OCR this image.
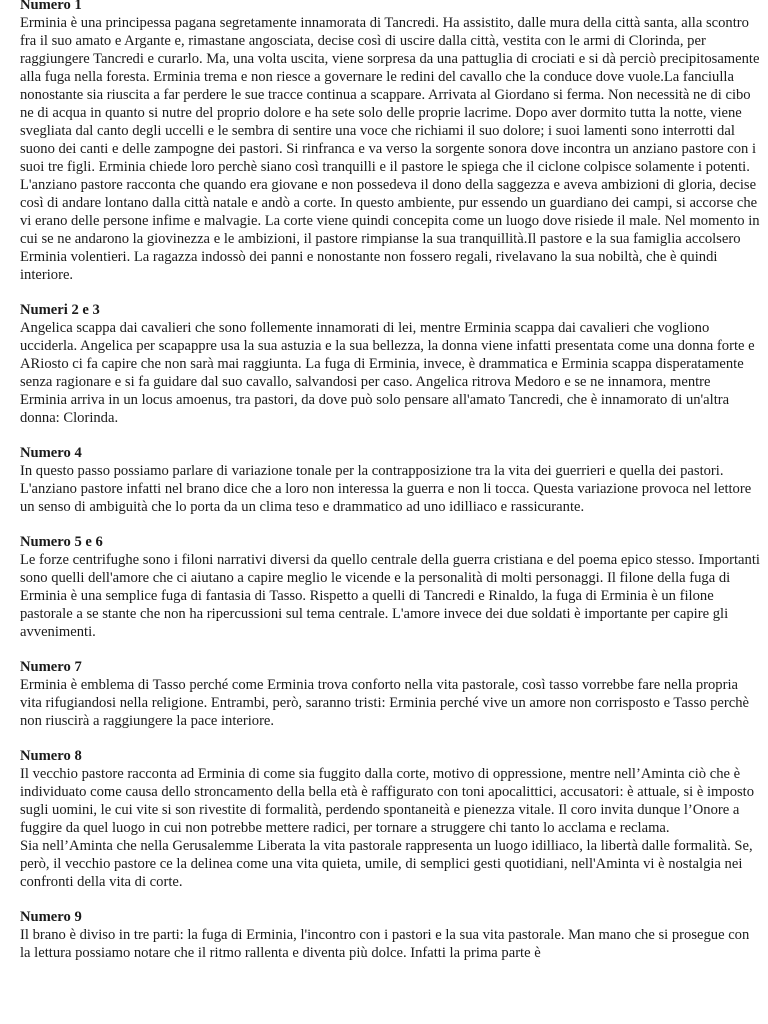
Numero 1

Erminia è una principessa pagana segretamente innamorata di Tancredi. Ha assistito, dalle mura della città santa, alla scontro fra il suo amato e Argante e, rimastane angosciata, decise così di uscire dalla città, vestita con le armi di Clorinda, per raggiungere Tancredi e curarlo. Ma, una volta uscita, viene sorpresa da una pattuglia di crociati e si dà perciò precipitosamente alla fuga nella foresta. Erminia trema e non riesce a governare le redini del cavallo che la conduce dove vuole.La fanciulla nonostante sia riuscita a far perdere le sue tracce continua a scappare. Arrivata al Giordano si ferma. Non necessità ne di cibo ne di acqua in quanto si nutre del proprio dolore e ha sete solo delle proprie lacrime. Dopo aver dormito tutta la notte, viene svegliata dal canto degli uccelli e le sembra di sentire una voce che richiami il suo dolore; i suoi lamenti sono interrotti dal suono dei canti e delle zampogne dei pastori. Si rinfranca e va verso la sorgente sonora dove incontra un anziano pastore con i suoi tre figli. Erminia chiede loro perchè siano così tranquilli e il pastore le spiega che il ciclone colpisce solamente i potenti.

L'anziano pastore racconta che quando era giovane e non possedeva il dono della saggezza e aveva ambizioni di gloria, decise così di andare lontano dalla città natale e andò a corte. In questo ambiente, pur essendo un guardiano dei campi, si accorse che vi erano delle persone infime e malvagie. La corte viene quindi concepita come un luogo dove risiede il male. Nel momento in cui se ne andarono la giovinezza e le ambizioni, il pastore rimpianse la sua tranquillità.Il pastore e la sua famiglia accolsero Erminia volentieri. La ragazza indossò dei panni e nonostante non fossero regali, rivelavano la sua nobiltà, che è quindi interiore.

Numeri 2 e 3

Angelica scappa dai cavalieri che sono follemente innamorati di lei, mentre Erminia scappa dai cavalieri che vogliono ucciderla. Angelica per scapappre usa la sua astuzia e la sua bellezza, la donna viene infatti presentata come una donna forte e ARiosto ci fa capire che non sarà mai raggiunta. La fuga di Erminia, invece, è drammatica e Erminia scappa disperatamente senza ragionare e si fa guidare dal suo cavallo, salvandosi per caso. Angelica ritrova Medoro e se ne innamora, mentre Erminia arriva in un locus amoenus, tra pastori, da dove può solo pensare all'amato Tancredi, che è innamorato di un'altra donna: Clorinda.

Numero 4

In questo passo possiamo parlare di variazione tonale per la contrapposizione tra la vita dei guerrieri e quella dei pastori. L'anziano pastore infatti nel brano dice che a loro non interessa la guerra e non li tocca. Questa variazione provoca nel lettore un senso di ambiguità che lo porta da un clima teso e drammatico ad uno idilliaco e rassicurante.

Numero 5 e 6

Le forze centrifughe sono i filoni narrativi diversi da quello centrale della guerra cristiana e del poema epico stesso. Importanti sono quelli dell'amore che ci aiutano a capire meglio le vicende e la personalità di molti personaggi. Il filone della fuga di Erminia è una semplice fuga di fantasia di Tasso. Rispetto a quelli di Tancredi e Rinaldo, la fuga di Erminia è un filone pastorale a se stante che non ha ripercussioni sul tema centrale. L'amore invece dei due soldati è importante per capire gli avvenimenti.

Numero 7

Erminia è emblema di Tasso perché come Erminia trova conforto nella vita pastorale, così tasso vorrebbe fare nella propria vita rifugiandosi nella religione. Entrambi, però, saranno tristi: Erminia perché vive un amore non corrisposto e Tasso perchè non riuscirà a raggiungere la pace interiore.

Numero 8

Il vecchio pastore racconta ad Erminia di come sia fuggito dalla corte, motivo di oppressione, mentre nell’Aminta ciò che è individuato come causa dello stroncamento della bella età è raffigurato con toni apocalittici, accusatori: è attuale, si è imposto sugli uomini, le cui vite si son rivestite di formalità, perdendo spontaneità e pienezza vitale. Il coro invita dunque l’Onore a fuggire da quel luogo in cui non potrebbe mettere radici, per tornare a struggere chi tanto lo acclama e reclama.

Sia nell’Aminta che nella Gerusalemme Liberata la vita pastorale rappresenta un luogo idilliaco, la libertà dalle formalità. Se, però, il vecchio pastore ce la delinea come una vita quieta, umile, di semplici gesti quotidiani, nell'Aminta vi è nostalgia nei confronti della vita di corte.

Numero 9

Il brano è diviso in tre parti: la fuga di Erminia, l'incontro con i pastori e la sua vita pastorale. Man mano che si prosegue con la lettura possiamo notare che il ritmo rallenta e diventa più dolce. Infatti la prima parte è
